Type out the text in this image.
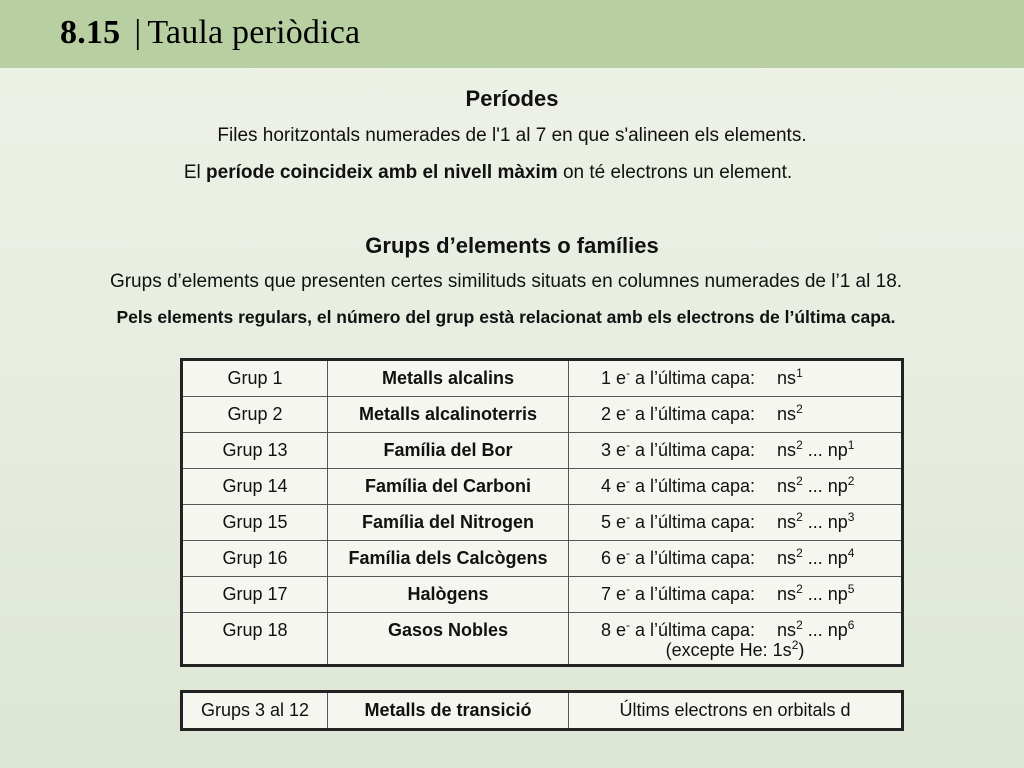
8.15 | Taula periòdica
Períodes
Files horitzontals numerades de l'1 al 7 en que s'alineen els elements.
El període coincideix amb el nivell màxim on té electrons un element.
Grups d’elements o famílies
Grups d’elements que presenten certes similituds situats en columnes numerades de l’1 al 18.
Pels elements regulars, el número del grup està relacionat amb els electrons de l’última capa.
Grup 1	Metalls alcalins	1 e- a l’última capa: $ns^1$
Grup 2	Metalls alcalinoterris	2 e- a l’última capa: $ns^2$
Grup 13	Família del Bor	3 e- a l’última capa: $ns^2$ ... $np^1$
Grup 14	Família del Carboni	4 e- a l’última capa: $ns^2$ ... $np^2$
Grup 15	Família del Nitrogen	5 e- a l’última capa: $ns^2$ ... $np^3$
Grup 16	Família dels Calcògens	6 e- a l’última capa: $ns^2$ ... $np^4$
Grup 17	Halògens	7 e- a l’última capa: $ns^2$ ... $np^5$
Grup 18	Gasos Nobles	8 e- a l’última capa: $ns^2$ ... $np^6$
(excepte He: $1s^2$)
Grups 3 al 12	Metalls de transició	Últims electrons en orbitals d
